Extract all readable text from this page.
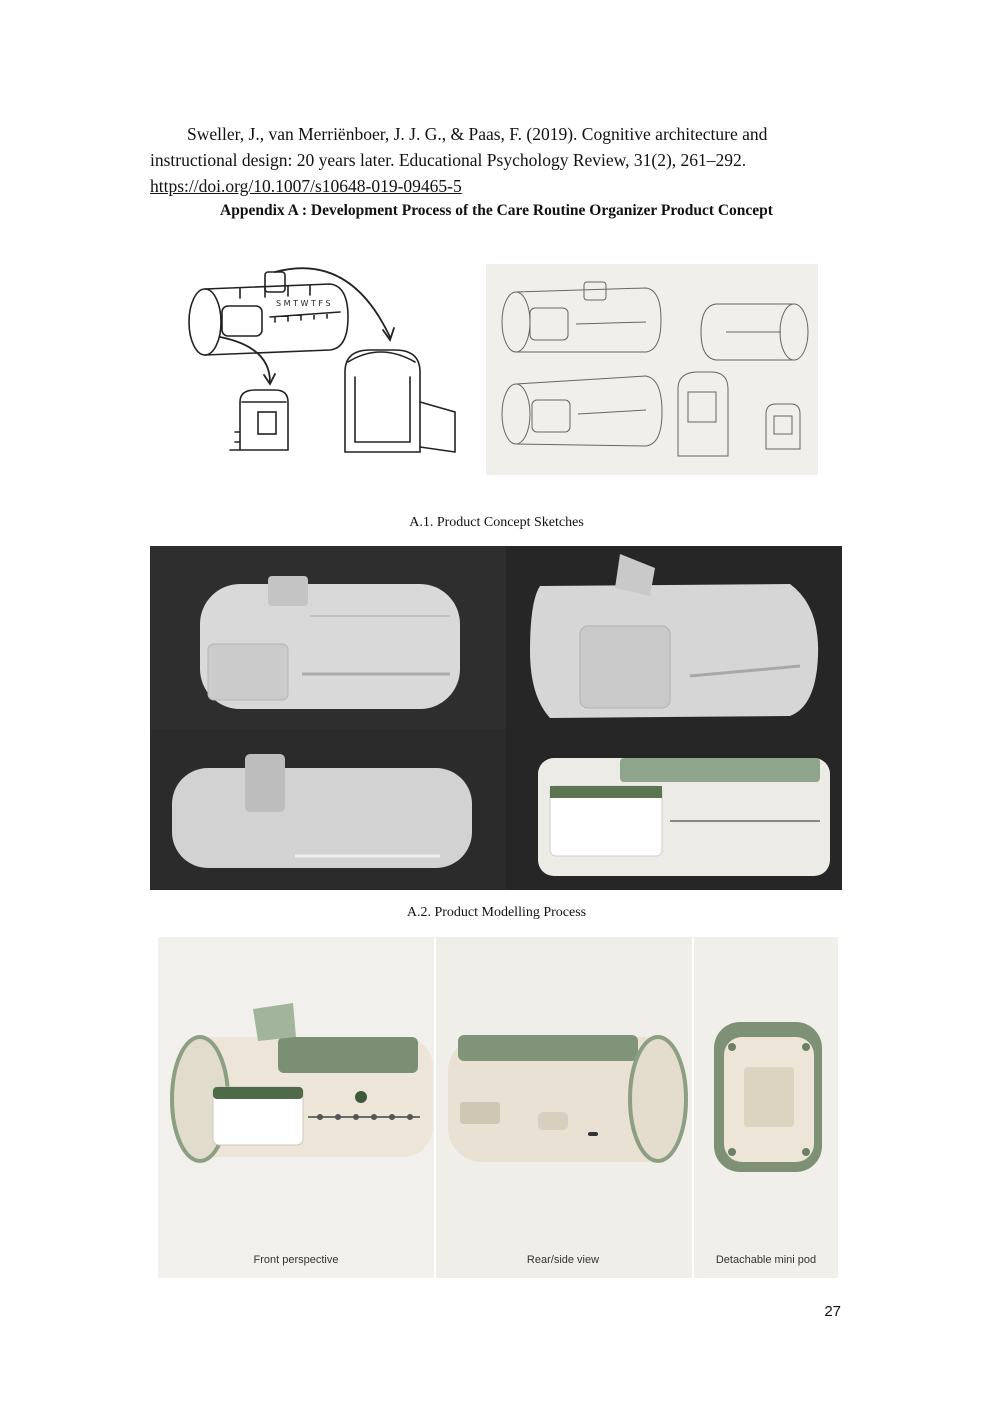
Sweller, J., van Merriënboer, J. J. G., & Paas, F. (2019). Cognitive architecture and
instructional design: 20 years later. Educational Psychology Review, 31(2), 261–292.
https://doi.org/10.1007/s10648-019-09465-5
Appendix A : Development Process of the Care Routine Organizer Product Concept
S M T W T F S
A.1. Product Concept Sketches
A.2. Product Modelling Process
Front perspective	Rear/side view	Detachable mini pod
27
